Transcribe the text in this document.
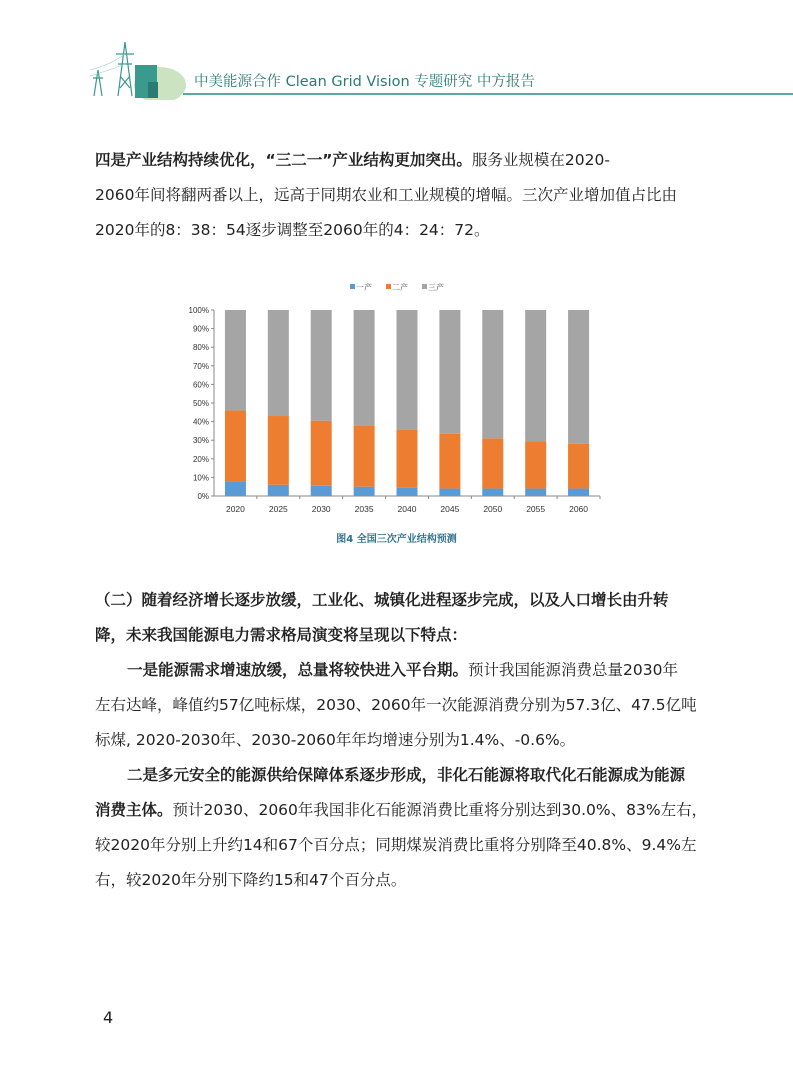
中美能源合作 Clean Grid Vision 专题研究 中方报告
四是产业结构持续优化，“三二一”产业结构更加突出。服务业规模在2020-
2060年间将翻两番以上，远高于同期农业和工业规模的增幅。三次产业增加值占比由
2020年的8：38：54逐步调整至2060年的4：24：72。
（二）随着经济增长逐步放缓，工业化、城镇化进程逐步完成，以及人口增长由升转
降，未来我国能源电力需求格局演变将呈现以下特点：
一是能源需求增速放缓，总量将较快进入平台期。预计我国能源消费总量2030年
左右达峰，峰值约57亿吨标煤，2030、2060年一次能源消费分别为57.3亿、47.5亿吨
标煤, 2020-2030年、2030-2060年年均增速分别为1.4%、-0.6%。
二是多元安全的能源供给保障体系逐步形成，非化石能源将取代化石能源成为能源
消费主体。预计2030、2060年我国非化石能源消费比重将分别达到30.0%、83%左右，
较2020年分别上升约14和67个百分点；同期煤炭消费比重将分别降至40.8%、9.4%左
右，较2020年分别下降约15和47个百分点。
0%
10%
20%
30%
40%
50%
60%
70%
80%
90%
100%
2020	2025	2030	2035	2040	2045	2050	2055	2060
一产	二产	三产
图4 全国三次产业结构预测
4
